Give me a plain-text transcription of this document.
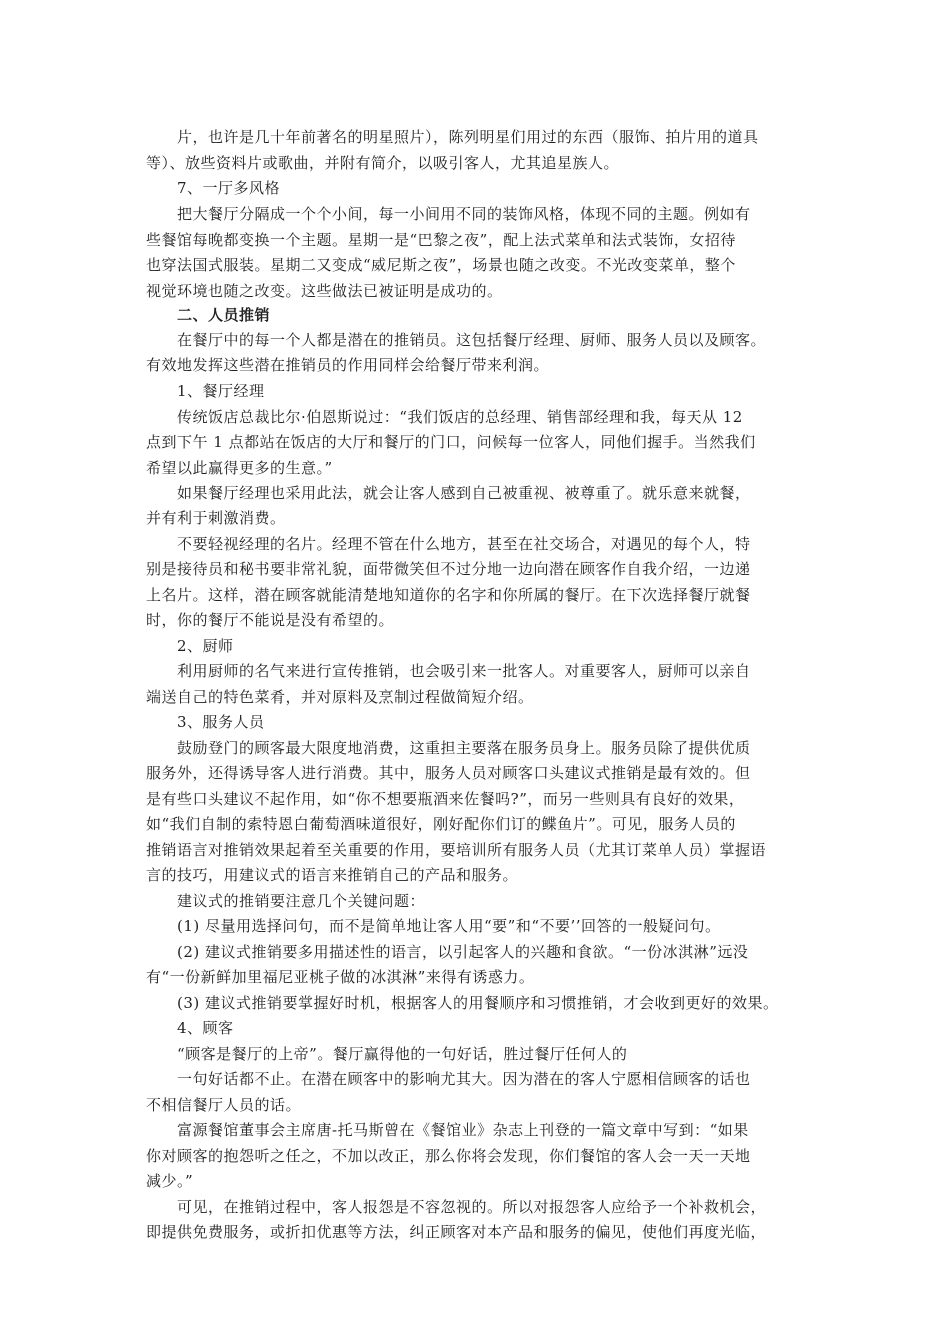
片，也许是几十年前著名的明星照片），陈列明星们用过的东西（服饰、拍片用的道具
等）、放些资料片或歌曲，并附有简介，以吸引客人，尤其追星族人。
7、一厅多风格
把大餐厅分隔成一个个小间，每一小间用不同的装饰风格，体现不同的主题。例如有
些餐馆每晚都变换一个主题。星期一是“巴黎之夜”，配上法式菜单和法式装饰，女招待
也穿法国式服装。星期二又变成“威尼斯之夜”，场景也随之改变。不光改变菜单，整个
视觉环境也随之改变。这些做法已被证明是成功的。
二、人员推销
在餐厅中的每一个人都是潜在的推销员。这包括餐厅经理、厨师、服务人员以及顾客。
有效地发挥这些潜在推销员的作用同样会给餐厅带来利润。
1、餐厅经理
传统饭店总裁比尔·伯恩斯说过：“我们饭店的总经理、销售部经理和我，每天从 12
点到下午 1 点都站在饭店的大厅和餐厅的门口，问候每一位客人，同他们握手。当然我们
希望以此赢得更多的生意。”
如果餐厅经理也采用此法，就会让客人感到自己被重视、被尊重了。就乐意来就餐，
并有利于刺激消费。
不要轻视经理的名片。经理不管在什么地方，甚至在社交场合，对遇见的每个人，特
别是接待员和秘书要非常礼貌，面带微笑但不过分地一边向潜在顾客作自我介绍，一边递
上名片。这样，潜在顾客就能清楚地知道你的名字和你所属的餐厅。在下次选择餐厅就餐
时，你的餐厅不能说是没有希望的。
2、厨师
利用厨师的名气来进行宣传推销，也会吸引来一批客人。对重要客人，厨师可以亲自
端送自己的特色菜肴，并对原料及烹制过程做简短介绍。
3、服务人员
鼓励登门的顾客最大限度地消费，这重担主要落在服务员身上。服务员除了提供优质
服务外，还得诱导客人进行消费。其中，服务人员对顾客口头建议式推销是最有效的。但
是有些口头建议不起作用，如“你不想要瓶酒来佐餐吗?”，而另一些则具有良好的效果，
如“我们自制的索特恩白葡萄酒味道很好，刚好配你们订的鲽鱼片”。可见，服务人员的
推销语言对推销效果起着至关重要的作用，要培训所有服务人员（尤其订菜单人员）掌握语
言的技巧，用建议式的语言来推销自己的产品和服务。
建议式的推销要注意几个关键问题：
(1) 尽量用选择问句，而不是简单地让客人用“要”和“不要’’回答的一般疑问句。
(2) 建议式推销要多用描述性的语言，以引起客人的兴趣和食欲。“一份冰淇淋”远没
有“一份新鲜加里福尼亚桃子做的冰淇淋”来得有诱惑力。
(3) 建议式推销要掌握好时机，根据客人的用餐顺序和习惯推销，才会收到更好的效果。
4、顾客
“顾客是餐厅的上帝”。餐厅赢得他的一句好话，胜过餐厅任何人的
一句好话都不止。在潜在顾客中的影响尤其大。因为潜在的客人宁愿相信顾客的话也
不相信餐厅人员的话。
富源餐馆董事会主席唐-托马斯曾在《餐馆业》杂志上刊登的一篇文章中写到：“如果
你对顾客的抱怨听之任之，不加以改正，那么你将会发现，你们餐馆的客人会一天一天地
减少。”
可见，在推销过程中，客人报怨是不容忽视的。所以对报怨客人应给予一个补救机会，
即提供免费服务，或折扣优惠等方法，纠正顾客对本产品和服务的偏见，使他们再度光临，
